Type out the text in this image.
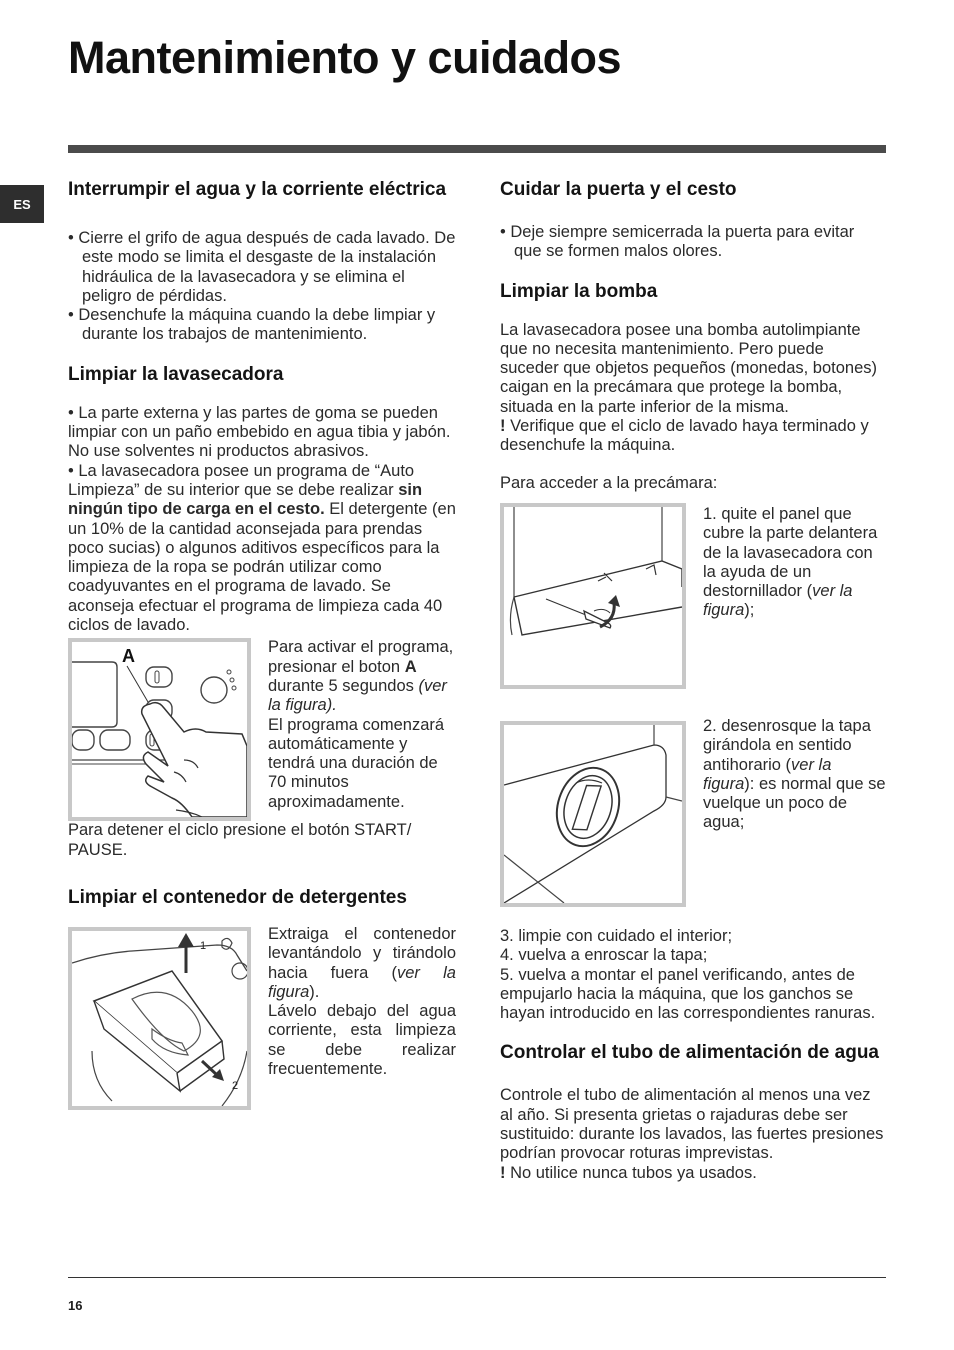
Mantenimiento y cuidados
ES
Interrumpir el agua y la corriente eléctrica
• Cierre el grifo de agua después de cada lavado. De este modo se limita el desgaste de la instalación hidráulica de la lavasecadora y se elimina el peligro de pérdidas.
• Desenchufe la máquina cuando la debe limpiar y durante los trabajos de mantenimiento.
Limpiar la lavasecadora

• La parte externa y las partes de goma se pueden limpiar con un paño embebido en agua tibia y jabón. No use solventes ni productos abrasivos.

• La lavasecadora posee un programa de “Auto Limpieza” de su interior que se debe realizar sin ningún tipo de carga en el cesto. El detergente (en un 10% de la cantidad aconsejada para prendas poco sucias) o algunos aditivos específicos para la limpieza de la ropa se podrán utilizar como coadyuvantes en el programa de lavado. Se aconseja efectuar el programa de limpieza cada 40 ciclos de lavado.

A	Para activar el programa, presionar el boton A durante 5 segundos (ver la figura).

El programa comenzará automáticamente y tendrá una duración de 70 minutos aproximadamente.

Para detener el ciclo presione el botón START/ PAUSE.

Limpiar el contenedor de detergentes
1
2

Extraiga el contenedor levantándolo y tirándolo hacia fuera (ver la figura).

Lávelo debajo del agua corriente, esta limpieza se debe realizar frecuentemente.

Cuidar la puerta y el cesto
• Deje siempre semicerrada la puerta para evitar que se formen malos olores.
Limpiar la bomba

La lavasecadora posee una bomba autolimpiante que no necesita mantenimiento. Pero puede suceder que objetos pequeños (monedas, botones) caigan en la precámara que protege la bomba, situada en la parte inferior de la misma.

! Verifique que el ciclo de lavado haya terminado y desenchufe la máquina.

Para acceder a la precámara:

1. quite el panel que cubre la parte delantera de la lavasecadora con la ayuda de un destornillador (ver la figura);

2. desenrosque la tapa girándola en sentido antihorario (ver la figura): es normal que se vuelque un poco de agua;

3. limpie con cuidado el interior;

4. vuelva a enroscar la tapa;

5. vuelva a montar el panel verificando, antes de empujarlo hacia la máquina, que los ganchos se hayan introducido en las correspondientes ranuras.

Controlar el tubo de alimentación de agua

Controle el tubo de alimentación al menos una vez al año. Si presenta grietas o rajaduras debe ser sustituido: durante los lavados, las fuertes presiones podrían provocar roturas imprevistas.

! No utilice nunca tubos ya usados.

16
